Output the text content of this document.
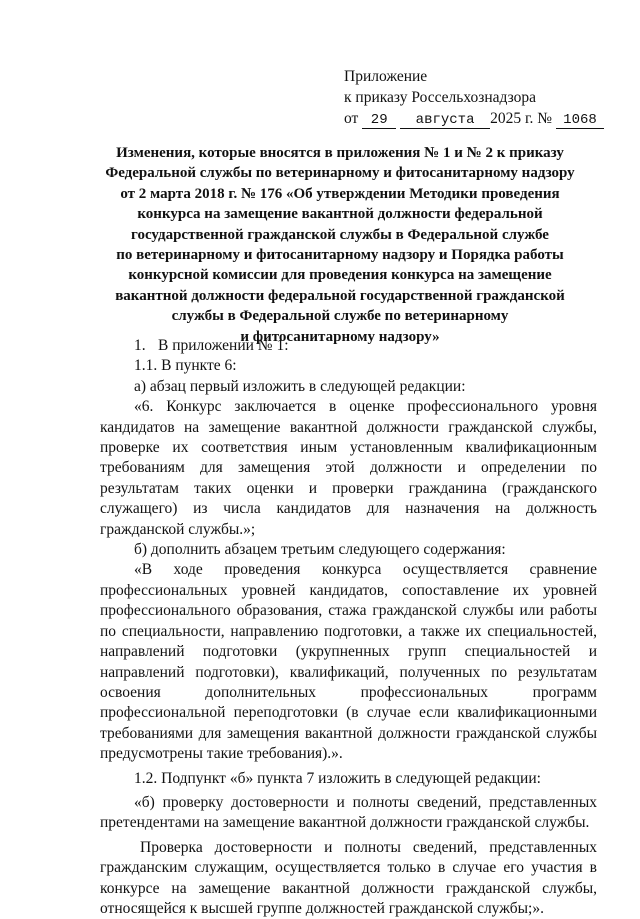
Приложение
к приказу Россельхознадзора
от 29 августа 2025 г. № 1068
Изменения, которые вносятся в приложения № 1 и № 2 к приказу
Федеральной службы по ветеринарному и фитосанитарному надзору
от 2 марта 2018 г. № 176 «Об утверждении Методики проведения
конкурса на замещение вакантной должности федеральной
государственной гражданской службы в Федеральной службе
по ветеринарному и фитосанитарному надзору и Порядка работы
конкурсной комиссии для проведения конкурса на замещение
вакантной должности федеральной государственной гражданской
службы в Федеральной службе по ветеринарному
и фитосанитарному надзору»

1. В приложении № 1:

1.1. В пункте 6:

а) абзац первый изложить в следующей редакции:

«6. Конкурс заключается в оценке профессионального уровня кандидатов на замещение вакантной должности гражданской службы, проверке их соответствия иным установленным квалификационным требованиям для замещения этой должности и определении по результатам таких оценки и проверки гражданина (гражданского служащего) из числа кандидатов для назначения на должность гражданской службы.»;

б) дополнить абзацем третьим следующего содержания:

«В ходе проведения конкурса осуществляется сравнение профессиональных уровней кандидатов, сопоставление их уровней профессионального образования, стажа гражданской службы или работы по специальности, направлению подготовки, а также их специальностей, направлений подготовки (укрупненных групп специальностей и направлений подготовки), квалификаций, полученных по результатам освоения дополнительных профессиональных программ профессиональной переподготовки (в случае если квалификационными требованиями для замещения вакантной должности гражданской службы предусмотрены такие требования).».

1.2. Подпункт «б» пункта 7 изложить в следующей редакции:

«б) проверку достоверности и полноты сведений, представленных претендентами на замещение вакантной должности гражданской службы.

Проверка достоверности и полноты сведений, представленных гражданским служащим, осуществляется только в случае его участия в конкурсе на замещение вакантной должности гражданской службы, относящейся к высшей группе должностей гражданской службы;».
